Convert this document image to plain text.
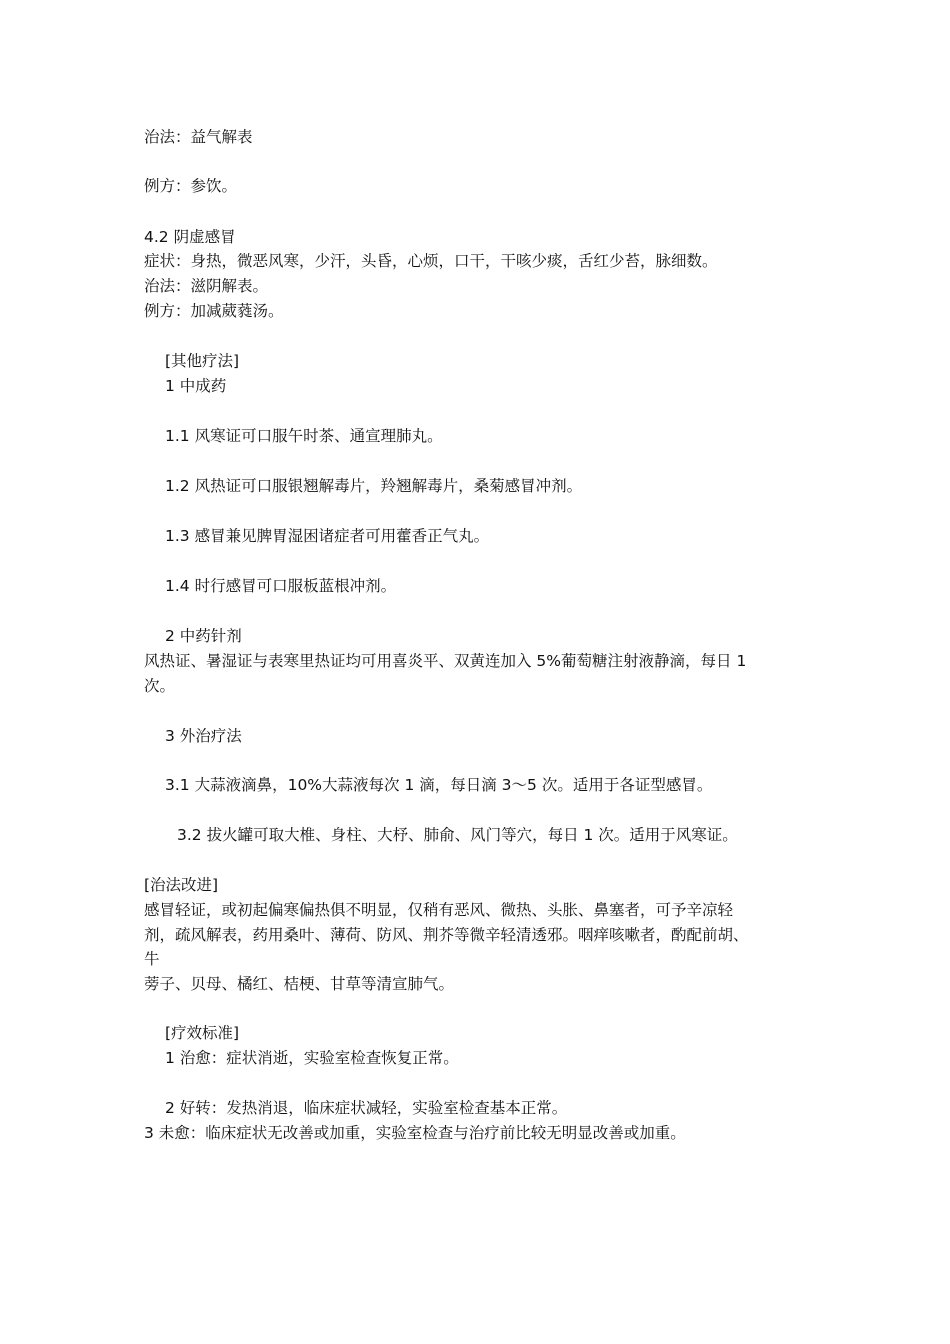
治法：益气解表
例方：参饮。
4.2 阴虚感冒
症状：身热，微恶风寒，少汗，头昏，心烦，口干，干咳少痰，舌红少苔，脉细数。
治法：滋阴解表。
例方：加减葳蕤汤。
[其他疗法]
1 中成药
1.1 风寒证可口服午时茶、通宣理肺丸。
1.2 风热证可口服银翘解毒片，羚翘解毒片，桑菊感冒冲剂。
1.3 感冒兼见脾胃湿困诸症者可用藿香正气丸。
1.4 时行感冒可口服板蓝根冲剂。
2 中药针剂
风热证、暑湿证与表寒里热证均可用喜炎平、双黄连加入 5%葡萄糖注射液静滴，每日 1
次。
3 外治疗法
3.1 大蒜液滴鼻，10%大蒜液每次 1 滴，每日滴 3～5 次。适用于各证型感冒。
3.2 拔火罐可取大椎、身柱、大杼、肺俞、风门等穴，每日 1 次。适用于风寒证。
[治法改进]
感冒轻证，或初起偏寒偏热俱不明显，仅稍有恶风、微热、头胀、鼻塞者，可予辛凉轻
剂，疏风解表，药用桑叶、薄荷、防风、荆芥等微辛轻清透邪。咽痒咳嗽者，酌配前胡、
牛
蒡子、贝母、橘红、桔梗、甘草等清宣肺气。
[疗效标准]
1 治愈：症状消逝，实验室检查恢复正常。
2 好转：发热消退，临床症状减轻，实验室检查基本正常。
3 未愈：临床症状无改善或加重，实验室检查与治疗前比较无明显改善或加重。
